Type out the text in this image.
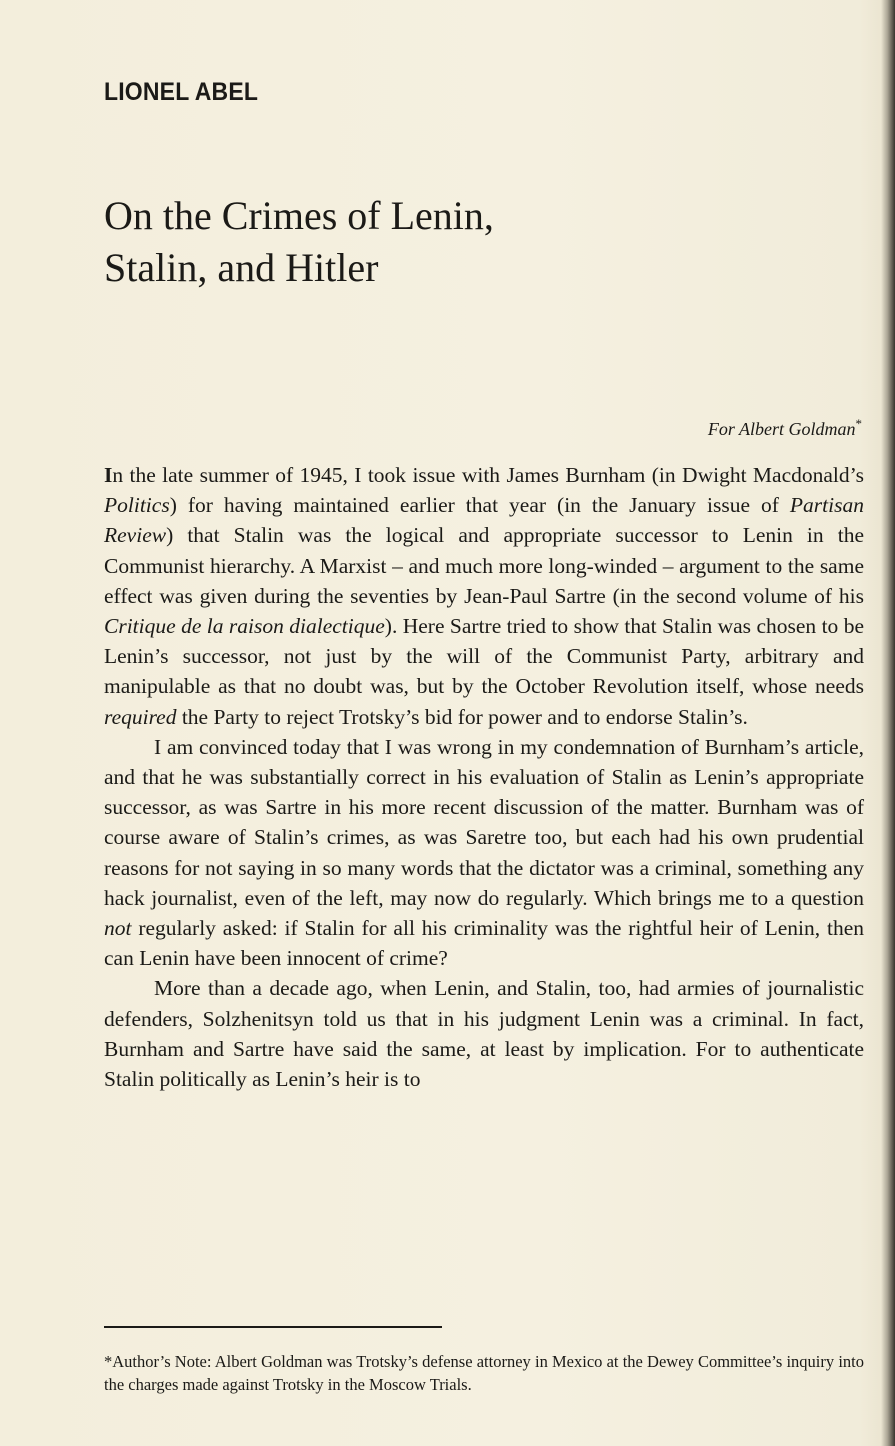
LIONEL ABEL
On the Crimes of Lenin,
Stalin, and Hitler
For Albert Goldman*

In the late summer of 1945, I took issue with James Burnham (in Dwight Macdonald’s Politics) for having maintained earlier that year (in the January issue of Partisan Review) that Stalin was the logical and appropriate successor to Lenin in the Communist hierarchy. A Marxist – and much more long-winded – argument to the same effect was given during the seventies by Jean-Paul Sartre (in the second volume of his Critique de la raison dialectique). Here Sartre tried to show that Stalin was chosen to be Lenin’s successor, not just by the will of the Communist Party, arbitrary and manipulable as that no doubt was, but by the October Revolution itself, whose needs required the Party to reject Trotsky’s bid for power and to endorse Stalin’s.

I am convinced today that I was wrong in my condemnation of Burnham’s article, and that he was substantially correct in his evaluation of Stalin as Lenin’s appropriate successor, as was Sartre in his more recent discussion of the matter. Burnham was of course aware of Stalin’s crimes, as was Saretre too, but each had his own prudential reasons for not saying in so many words that the dictator was a criminal, something any hack journalist, even of the left, may now do regularly. Which brings me to a question not regularly asked: if Stalin for all his criminality was the rightful heir of Lenin, then can Lenin have been innocent of crime?

More than a decade ago, when Lenin, and Stalin, too, had armies of journalistic defenders, Solzhenitsyn told us that in his judgment Lenin was a criminal. In fact, Burnham and Sartre have said the same, at least by implication. For to authenticate Stalin politically as Lenin’s heir is to

*Author’s Note: Albert Goldman was Trotsky’s defense attorney in Mexico at the Dewey Committee’s inquiry into the charges made against Trotsky in the Moscow Trials.
